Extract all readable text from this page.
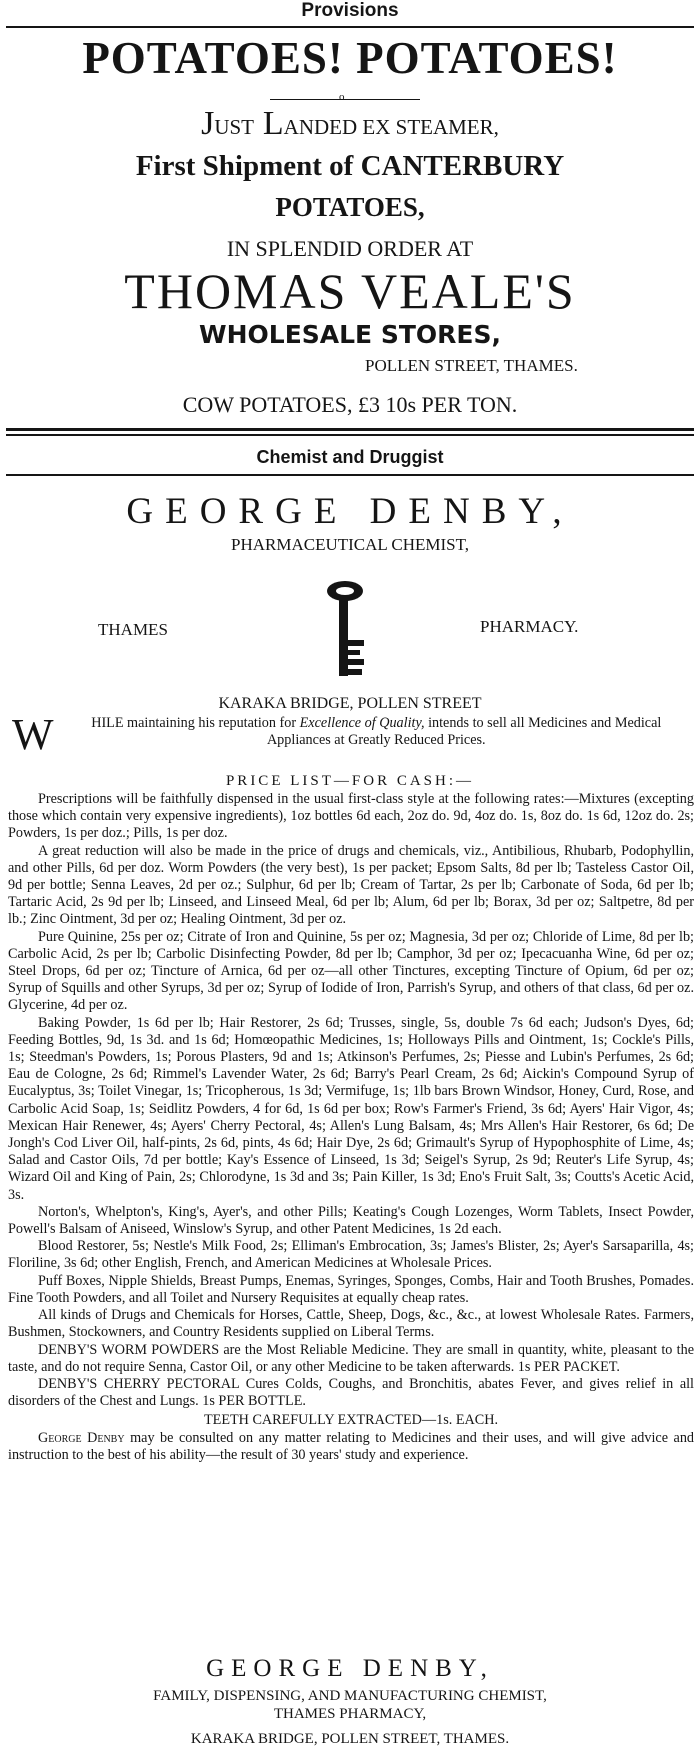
Provisions
POTATOES! POTATOES!
o
JUST LANDED EX STEAMER,
First Shipment of CANTERBURY
POTATOES,
IN SPLENDID ORDER AT
THOMAS VEALE'S
WHOLESALE STORES,
POLLEN STREET, THAMES.
COW POTATOES, £3 10s PER TON.
Chemist and Druggist
GEORGE DENBY,
PHARMACEUTICAL CHEMIST,
THAMES	PHARMACY.
KARAKA BRIDGE, POLLEN STREET
W	HILE maintaining his reputation for Excellence of Quality, intends to sell all Medicines and Medical Appliances at Greatly Reduced Prices.
PRICE LIST—FOR CASH:—

Prescriptions will be faithfully dispensed in the usual first-class style at the following rates:—Mixtures (excepting those which contain very expensive ingredients), 1oz bottles 6d each, 2oz do. 9d, 4oz do. 1s, 8oz do. 1s 6d, 12oz do. 2s; Powders, 1s per doz.; Pills, 1s per doz.

A great reduction will also be made in the price of drugs and chemicals, viz., Antibilious, Rhubarb, Podophyllin, and other Pills, 6d per doz. Worm Powders (the very best), 1s per packet; Epsom Salts, 8d per lb; Tasteless Castor Oil, 9d per bottle; Senna Leaves, 2d per oz.; Sulphur, 6d per lb; Cream of Tartar, 2s per lb; Carbonate of Soda, 6d per lb; Tartaric Acid, 2s 9d per lb; Linseed, and Linseed Meal, 6d per lb; Alum, 6d per lb; Borax, 3d per oz; Saltpetre, 8d per lb.; Zinc Ointment, 3d per oz; Healing Ointment, 3d per oz.

Pure Quinine, 25s per oz; Citrate of Iron and Quinine, 5s per oz; Magnesia, 3d per oz; Chloride of Lime, 8d per lb; Carbolic Acid, 2s per lb; Carbolic Disinfecting Powder, 8d per lb; Camphor, 3d per oz; Ipecacuanha Wine, 6d per oz; Steel Drops, 6d per oz; Tincture of Arnica, 6d per oz—all other Tinctures, excepting Tincture of Opium, 6d per oz; Syrup of Squills and other Syrups, 3d per oz; Syrup of Iodide of Iron, Parrish's Syrup, and others of that class, 6d per oz. Glycerine, 4d per oz.

Baking Powder, 1s 6d per lb; Hair Restorer, 2s 6d; Trusses, single, 5s, double 7s 6d each; Judson's Dyes, 6d; Feeding Bottles, 9d, 1s 3d. and 1s 6d; Homœopathic Medicines, 1s; Holloways Pills and Ointment, 1s; Cockle's Pills, 1s; Steedman's Powders, 1s; Porous Plasters, 9d and 1s; Atkinson's Perfumes, 2s; Piesse and Lubin's Perfumes, 2s 6d; Eau de Cologne, 2s 6d; Rimmel's Lavender Water, 2s 6d; Barry's Pearl Cream, 2s 6d; Aickin's Compound Syrup of Eucalyptus, 3s; Toilet Vinegar, 1s; Tricopherous, 1s 3d; Vermifuge, 1s; 1lb bars Brown Windsor, Honey, Curd, Rose, and Carbolic Acid Soap, 1s; Seidlitz Powders, 4 for 6d, 1s 6d per box; Row's Farmer's Friend, 3s 6d; Ayers' Hair Vigor, 4s; Mexican Hair Renewer, 4s; Ayers' Cherry Pectoral, 4s; Allen's Lung Balsam, 4s; Mrs Allen's Hair Restorer, 6s 6d; De Jongh's Cod Liver Oil, half-pints, 2s 6d, pints, 4s 6d; Hair Dye, 2s 6d; Grimault's Syrup of Hypophosphite of Lime, 4s; Salad and Castor Oils, 7d per bottle; Kay's Essence of Linseed, 1s 3d; Seigel's Syrup, 2s 9d; Reuter's Life Syrup, 4s; Wizard Oil and King of Pain, 2s; Chlorodyne, 1s 3d and 3s; Pain Killer, 1s 3d; Eno's Fruit Salt, 3s; Coutts's Acetic Acid, 3s.

Norton's, Whelpton's, King's, Ayer's, and other Pills; Keating's Cough Lozenges, Worm Tablets, Insect Powder, Powell's Balsam of Aniseed, Winslow's Syrup, and other Patent Medicines, 1s 2d each.

Blood Restorer, 5s; Nestle's Milk Food, 2s; Elliman's Embrocation, 3s; James's Blister, 2s; Ayer's Sarsaparilla, 4s; Floriline, 3s 6d; other English, French, and American Medicines at Wholesale Prices.

Puff Boxes, Nipple Shields, Breast Pumps, Enemas, Syringes, Sponges, Combs, Hair and Tooth Brushes, Pomades. Fine Tooth Powders, and all Toilet and Nursery Requisites at equally cheap rates.

All kinds of Drugs and Chemicals for Horses, Cattle, Sheep, Dogs, &c., &c., at lowest Wholesale Rates. Farmers, Bushmen, Stockowners, and Country Residents supplied on Liberal Terms.

DENBY'S WORM POWDERS are the Most Reliable Medicine. They are small in quantity, white, pleasant to the taste, and do not require Senna, Castor Oil, or any other Medicine to be taken afterwards. 1s PER PACKET.

DENBY'S CHERRY PECTORAL Cures Colds, Coughs, and Bronchitis, abates Fever, and gives relief in all disorders of the Chest and Lungs. 1s PER BOTTLE.

TEETH CAREFULLY EXTRACTED—1s. EACH.

George Denby may be consulted on any matter relating to Medicines and their uses, and will give advice and instruction to the best of his ability—the result of 30 years' study and experience.

GEORGE DENBY,
FAMILY, DISPENSING, AND MANUFACTURING CHEMIST,
THAMES PHARMACY,
KARAKA BRIDGE, POLLEN STREET, THAMES.
